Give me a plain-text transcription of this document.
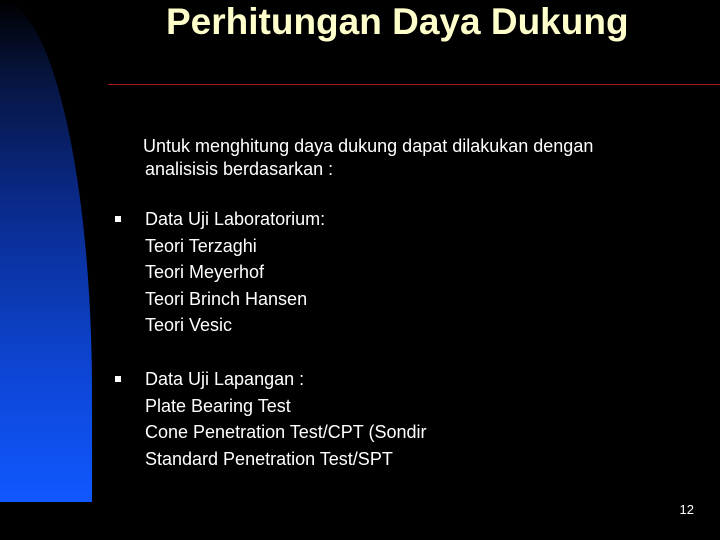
Perhitungan Daya Dukung

Untuk menghitung daya dukung dapat dilakukan dengan
analisisis berdasarkan :

Data Uji Laboratorium:
Teori Terzaghi
Teori Meyerhof
Teori Brinch Hansen
Teori Vesic
Data Uji Lapangan :
Plate Bearing Test
Cone Penetration Test/CPT (Sondir
Standard Penetration Test/SPT
12
